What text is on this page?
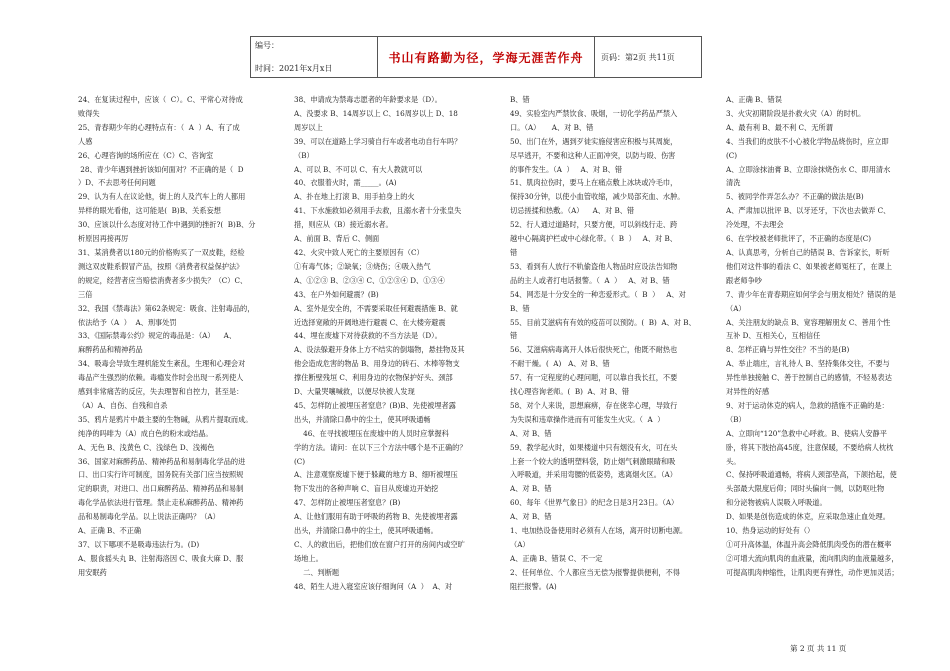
编号：
时间：2021年x月x日
书山有路勤为径，学海无涯苦作舟	页码：第2页 共11页

24、在复读过程中，应该（  C）。C、平常心对待成

败得失

25、青春期少年的心理特点有：（  A  ）A、有了成

人感

26、心理咨询的场所应在（C）C、咨询室

28、青少年遇到挫折该如何面对？不正确的是（  D

）D、不去思考任何问题

29、认为有人在议论他，街上的人及汽车上的人都用

异样的眼光看他，这可能是(  B)B、关系妄想

30、应该以什么态度对待工作中遇到的挫折?(  B)B、分

析原因再接再厉

31、某消费者以180元的价格购买了一双皮鞋，经检

测这双皮鞋系假冒产品，按照《消费者权益保护法》

的规定，经营者应当赔偿消费者多少损失？（C）C、

三倍

32、我国《禁毒法》第62条规定：吸食、注射毒品的，

依法给予（A  ）  A、刑事处罚

33、《国际禁毒公约》规定的毒品是：（A）    A、

麻醉药品和精神药品

34、吸毒会导致生理机能发生紊乱，生理和心理会对

毒品产生强烈的依赖。毒瘾发作时会出现一系列使人

感到非常痛苦的反应，失去理智和自控力，甚至是：

（A）A、自伤、自残和自杀

35、鸦片是鸦片中最主要的生物碱，从鸦片提取而成。

纯净的吗啡为（A）成白色的粉末或结晶。

A、无色 B、浅黄色 C、浅绿色 D、浅褐色

36、国家对麻醉药品、精神药品和易制毒化学品的进

口、出口实行许可制度，国务院有关部门应当按照规

定的职责，对进口、出口麻醉药品、精神药品和易制

毒化学品依法进行管理。禁止走私麻醉药品、精神药

品和易制毒化学品。以上说法正确吗？（A）

A、正确 B、不正确

37、以下哪项不是吸毒违法行为。(D)

A、服食摇头丸 B、注射海洛因 C、吸食大麻 D、服

用安眠药

38、申请成为禁毒志愿者的年龄要求是（D）。

A、没要求 B、14周岁以上 C、16周岁以上 D、18

周岁以上

39、可以在道路上学习骑自行车或者电动自行车吗？

（B）

A、可以 B、不可以 C、有大人教就可以

40、衣服着火时，需_____。(A)

A、扑在地上打滚 B、用手拍身上的火

41、下水施救如必须用手去救，且溺水者十分张皇失

措，则应从（B）接近溺水者。

A、前面 B、背后 C、侧面

42、火灾中致人死亡的主要原因有（C）

①有毒气体；②缺氧；③烧伤；④吸入热气

A、①②③ B、②③④ C、①②③④ D、①③④

43、在户外如何避震？(B)

A、室外是安全的，不需要采取任何避震措施 B、就

近选择宽敞的开阔地进行避震 C、在大楼旁避震

44、埋在废墟下对待获救的不当方法是（D）。

A、设法躲避开身体上方不结实的倒塌物，悬挂物及其

他会造成危害的物品 B、用身边的砖石、木棒等物支

撑住断壁残垣 C、利用身边的衣物保护好头、颈部

D、大量哭嚷喊救，以便尽快被人发现

45、怎样防止被埋压者窒息？(B)B、先使被埋者露

出头，并清除口鼻中的尘土，使其呼吸通畅

46、在寻找被埋压在废墟中的人员时应掌握科

学的方法。请问：在以下三个方法中哪个是不正确的？

(C)

A、注意观察废墟下便于躲藏的地方 B、细听被埋压

物下发出的各种声响 C、盲目从废墟边开始挖

47、怎样防止被埋压者窒息？(B)

A、让他们服用有助于呼吸的药物 B、先使被埋者露

出头，并清除口鼻中的尘土，使其呼吸通畅。

C、人的救出后，把他们放在窗户打开的房间内或空旷

场地上。

二、判断题

48、陌生人进入寝室应该仔细询问（A  ）  A、对

B、错

49、实验室内严禁饮食、吸烟，一切化学药品严禁入

口。（A）     A、对 B、错

50、出门在外，遇到歹徒实施侵害应积极与其周旋，

尽早逃开，不要和这种人正面冲突，以防与殴、伤害

的事件发生。（A  ）   A、对 B、错

51、肌肉拉伤时，要马上在痛点敷上冰块或冷毛巾，

保持30分钟，以使小血管收缩，减少局部充血、水肿。

切忌搓揉和热敷。（A）    A、对 B、错

52、行人通过道路时，只要方便，可以斜线行走、跨

越中心隔离护栏或中心绿化带。（  B  ）   A、对 B、

错

53、看到有人放行不轨偷盗他人物品时应设法告知物

品的主人或者打电话报警。（  A  ）   A、对 B、错

54、网恋是十分安全的一种恋爱形式。（  B  ）   A、对

B、错

55、目前艾滋病有有效的疫苗可以预防。(  B)  A、对 B、

错

56、艾滋病病毒离开人体后很快死亡，他既不耐热也

不耐干燥。(  A)   A、对 B、错

57、有一定程度的心理问题，可以靠自我长扛，不要

找心理咨询老师。(  B)  A、对 B、错

58、对个人来说，思想麻痹，存在侥幸心理，导致行

为失误和违章操作进而有可能发生火灾。（  A  ）

A、对 B、错

59、教学起火时，如果楼道中只有烟没有火，可在头

上套一个较大的透明塑料袋，防止烟气刺激眼睛和吸

入呼吸道，并采用弯腰的低姿势，逃离烟火区。（A）

A、对 B、错

60、每年《世界气象日》的纪念日是3月23日。（A）

A、对 B、错

1、电加热设备使用时必须有人在场，离开时切断电源。

（A）

A、正确 B、错误 C、不一定

2、任何单位、个人都应当无偿为报警提供便利，不得

阻拦报警。(A)

A、正确 B、错误

3、火灾初期阶段是扑救火灾（A）的时机。

A、最有利 B、最不利 C、无所谓

4、当我们的皮肤不小心被化学物品烧伤时，应立即

(C)

A、立即涂抹油膏 B、立即涂抹烧伤水 C、即用清水

清洗

5、被同学作弄怎么办？不正确的做法是(B)

A、严肃加以批评 B、以牙还牙，下次也去做弄 C、

冷处理，不去理会

6、在学校被老师批评了，不正确的态度是(C)

A、认真思考，分析自己的错误 B、告诉家长，听听

他们对这件事的看法 C、如果被老师冤枉了，在课上

跟老师争吵

7、青少年在青春期应如何学会与朋友相处？错误的是

（A）

A、关注朋友的缺点 B、宽容理解朋友 C、善用个性

互补 D、互相关心，互相信任

8、怎样正确与异性交往？不当的是(B)

A、举止端庄，言礼待人 B、坚持集体交往，不要与

异性单独接触 C、善于控制自己的感情，不轻易表达

对异性的好感

9、对于运动休克的病人，急救的措施不正确的是：

（B）

A、立即向“120”急救中心呼救。B、使病人安静平

卧，将其下肢抬高45度，注意保暖，不要给病人枕枕

头。

C、保持呼吸道通畅，将病人颈部垫高，下颌抬起，使

头部最大限度后仰；同时头偏向一侧，以防呕吐物

和分泌物被病人误吸入呼吸道。

D、如果是创伤造成的休克，应采取急速止血处理。

10、热身运动的好处有（）

①可升高体温，体温升高会降低肌肉受伤的潜在概率

②可增大流向肌肉的血液量，流向肌肉的血液量越多，

可提高肌肉伸缩性，让肌肉更有弹性，动作更加灵活；

第 2 页 共 11 页
